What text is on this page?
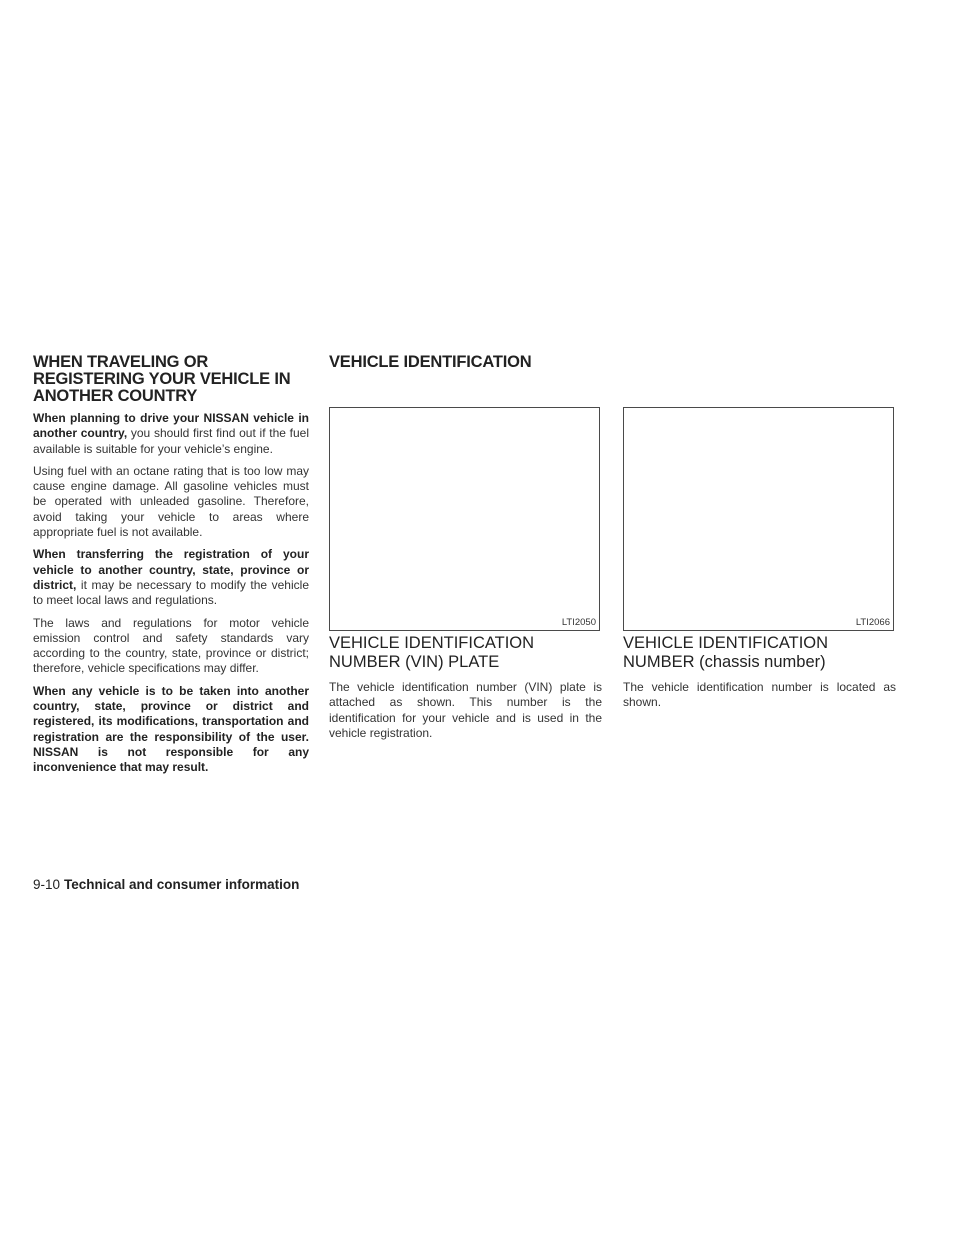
WHEN TRAVELING OR REGISTERING YOUR VEHICLE IN ANOTHER COUNTRY

When planning to drive your NISSAN vehicle in another country, you should first find out if the fuel available is suitable for your vehicle’s engine.

Using fuel with an octane rating that is too low may cause engine damage. All gasoline vehicles must be operated with unleaded gasoline. Therefore, avoid taking your vehicle to areas where appropriate fuel is not available.

When transferring the registration of your vehicle to another country, state, province or district, it may be necessary to modify the vehicle to meet local laws and regulations.

The laws and regulations for motor vehicle emission control and safety standards vary according to the country, state, province or district; therefore, vehicle specifications may differ.

When any vehicle is to be taken into another country, state, province or district and registered, its modifications, transportation and registration are the responsibility of the user. NISSAN is not responsible for any inconvenience that may result.

VEHICLE IDENTIFICATION
LTI2050	LTI2066
VEHICLE IDENTIFICATION NUMBER (VIN) PLATE
VEHICLE IDENTIFICATION NUMBER (chassis number)

The vehicle identification number (VIN) plate is attached as shown. This number is the identification for your vehicle and is used in the vehicle registration.

The vehicle identification number is located as shown.

9-10 Technical and consumer information
